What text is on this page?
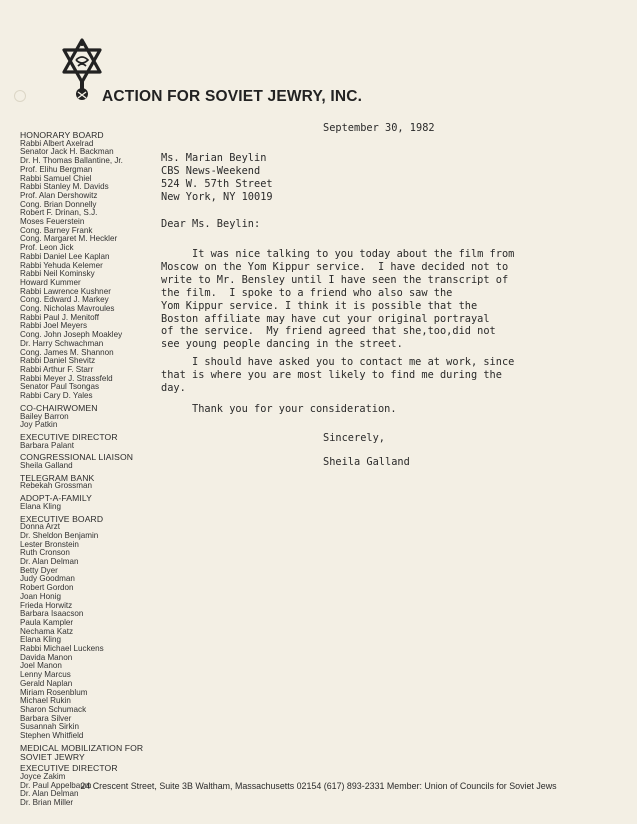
ACTION FOR SOVIET JEWRY, INC.
HONORARY BOARD
Rabbi Albert Axelrad
Senator Jack H. Backman
Dr. H. Thomas Ballantine, Jr.
Prof. Elihu Bergman
Rabbi Samuel Chiel
Rabbi Stanley M. Davids
Prof. Alan Dershowitz
Cong. Brian Donnelly
Robert F. Drinan, S.J.
Moses Feuerstein
Cong. Barney Frank
Cong. Margaret M. Heckler
Prof. Leon Jick
Rabbi Daniel Lee Kaplan
Rabbi Yehuda Kelemer
Rabbi Neil Kominsky
Howard Kummer
Rabbi Lawrence Kushner
Cong. Edward J. Markey
Cong. Nicholas Mavroules
Rabbi Paul J. Menitoff
Rabbi Joel Meyers
Cong. John Joseph Moakley
Dr. Harry Schwachman
Cong. James M. Shannon
Rabbi Daniel Shevitz
Rabbi Arthur F. Starr
Rabbi Meyer J. Strassfeld
Senator Paul Tsongas
Rabbi Cary D. Yales
CO-CHAIRWOMEN
Bailey Barron
Joy Patkin
EXECUTIVE DIRECTOR
Barbara Palant
CONGRESSIONAL LIAISON
Sheila Galland
TELEGRAM BANK
Rebekah Grossman
ADOPT-A-FAMILY
Elana Kling
EXECUTIVE BOARD
Donna Arzt
Dr. Sheldon Benjamin
Lester Bronstein
Ruth Cronson
Dr. Alan Delman
Betty Dyer
Judy Goodman
Robert Gordon
Joan Honig
Frieda Horwitz
Barbara Isaacson
Paula Kampler
Nechama Katz
Elana Kling
Rabbi Michael Luckens
Davida Manon
Joel Manon
Lenny Marcus
Gerald Naplan
Miriam Rosenblum
Michael Rukin
Sharon Schumack
Barbara Silver
Susannah Sirkin
Stephen Whitfield
MEDICAL MOBILIZATION FOR SOVIET JEWRY
EXECUTIVE DIRECTOR
Joyce Zakim
Dr. Paul Appelbaum
Dr. Alan Delman
Dr. Brian Miller
September 30, 1982
Ms. Marian Beylin
CBS News-Weekend
524 W. 57th Street
New York, NY 10019
Dear Ms. Beylin:
It was nice talking to you today about the film from
Moscow on the Yom Kippur service.  I have decided not to
write to Mr. Bensley until I have seen the transcript of
the film.  I spoke to a friend who also saw the
Yom Kippur service. I think it is possible that the
Boston affiliate may have cut your original portrayal
of the service.  My friend agreed that she,too,did not
see young people dancing in the street.
I should have asked you to contact me at work, since
that is where you are most likely to find me during the
day.
Thank you for your consideration.
Sincerely,
Sheila Galland
24 Crescent Street, Suite 3B Waltham, Massachusetts 02154 (617) 893-2331 Member: Union of Councils for Soviet Jews
